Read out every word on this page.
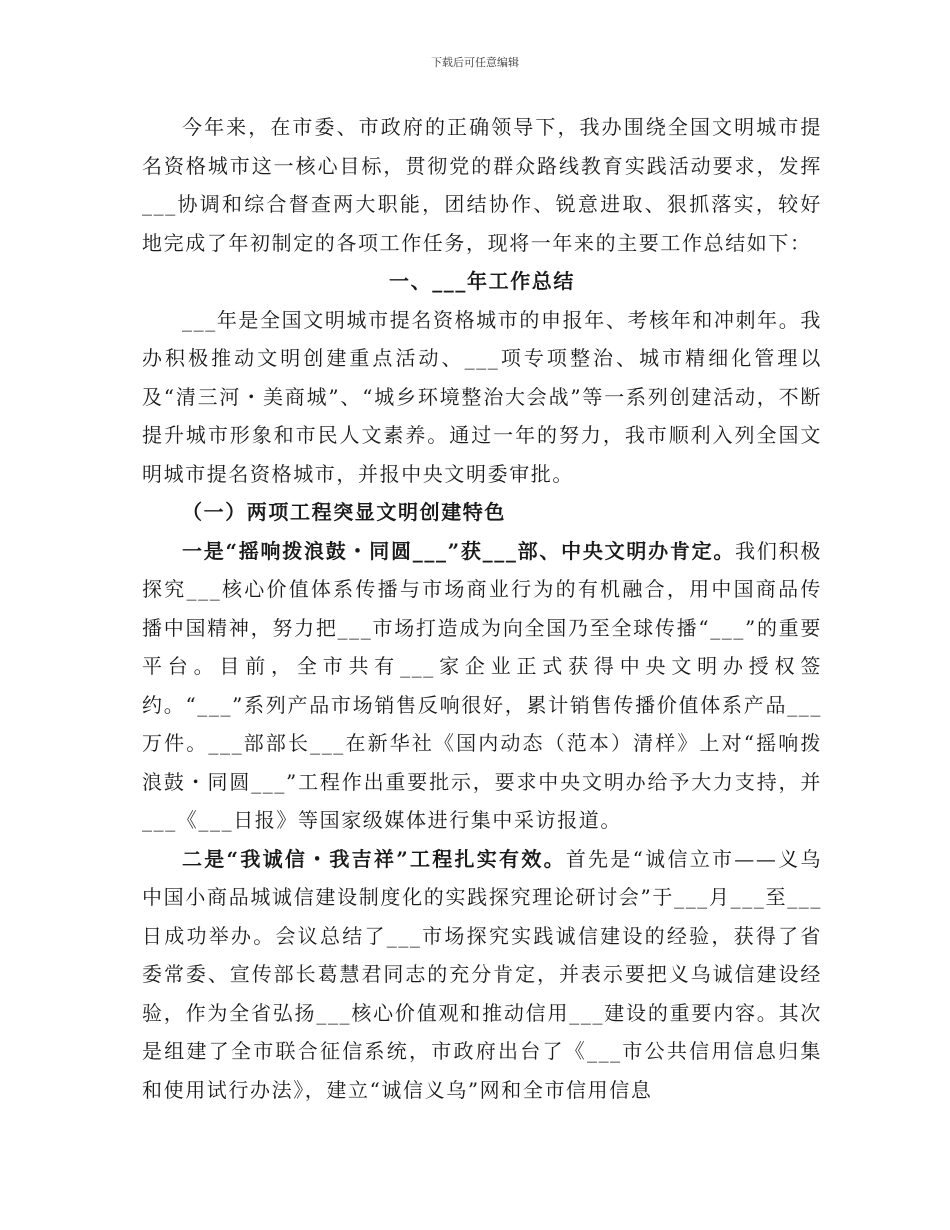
下载后可任意编辑

今年来，在市委、市政府的正确领导下，我办围绕全国文明城市提名资格城市这一核心目标，贯彻党的群众路线教育实践活动要求，发挥___协调和综合督查两大职能，团结协作、锐意进取、狠抓落实，较好地完成了年初制定的各项工作任务，现将一年来的主要工作总结如下：

一、___年工作总结

___年是全国文明城市提名资格城市的申报年、考核年和冲刺年。我办积极推动文明创建重点活动、___项专项整治、城市精细化管理以及“清三河・美商城”、“城乡环境整治大会战”等一系列创建活动，不断提升城市形象和市民人文素养。通过一年的努力，我市顺利入列全国文明城市提名资格城市，并报中央文明委审批。

（一）两项工程突显文明创建特色

一是“摇响拨浪鼓・同圆___”获___部、中央文明办肯定。我们积极探究___核心价值体系传播与市场商业行为的有机融合，用中国商品传播中国精神，努力把___市场打造成为向全国乃至全球传播“___”的重要平台。目前，全市共有___家企业正式获得中央文明办授权签约。“___”系列产品市场销售反响很好，累计销售传播价值体系产品___万件。___部部长___在新华社《国内动态（范本）清样》上对“摇响拨浪鼓・同圆___”工程作出重要批示，要求中央文明办给予大力支持，并___《___日报》等国家级媒体进行集中采访报道。

二是“我诚信・我吉祥”工程扎实有效。首先是“诚信立市——义乌中国小商品城诚信建设制度化的实践探究理论研讨会”于___月___至___日成功举办。会议总结了___市场探究实践诚信建设的经验，获得了省委常委、宣传部长葛慧君同志的充分肯定，并表示要把义乌诚信建设经验，作为全省弘扬___核心价值观和推动信用___建设的重要内容。其次是组建了全市联合征信系统，市政府出台了《___市公共信用信息归集和使用试行办法》，建立“诚信义乌”网和全市信用信息
